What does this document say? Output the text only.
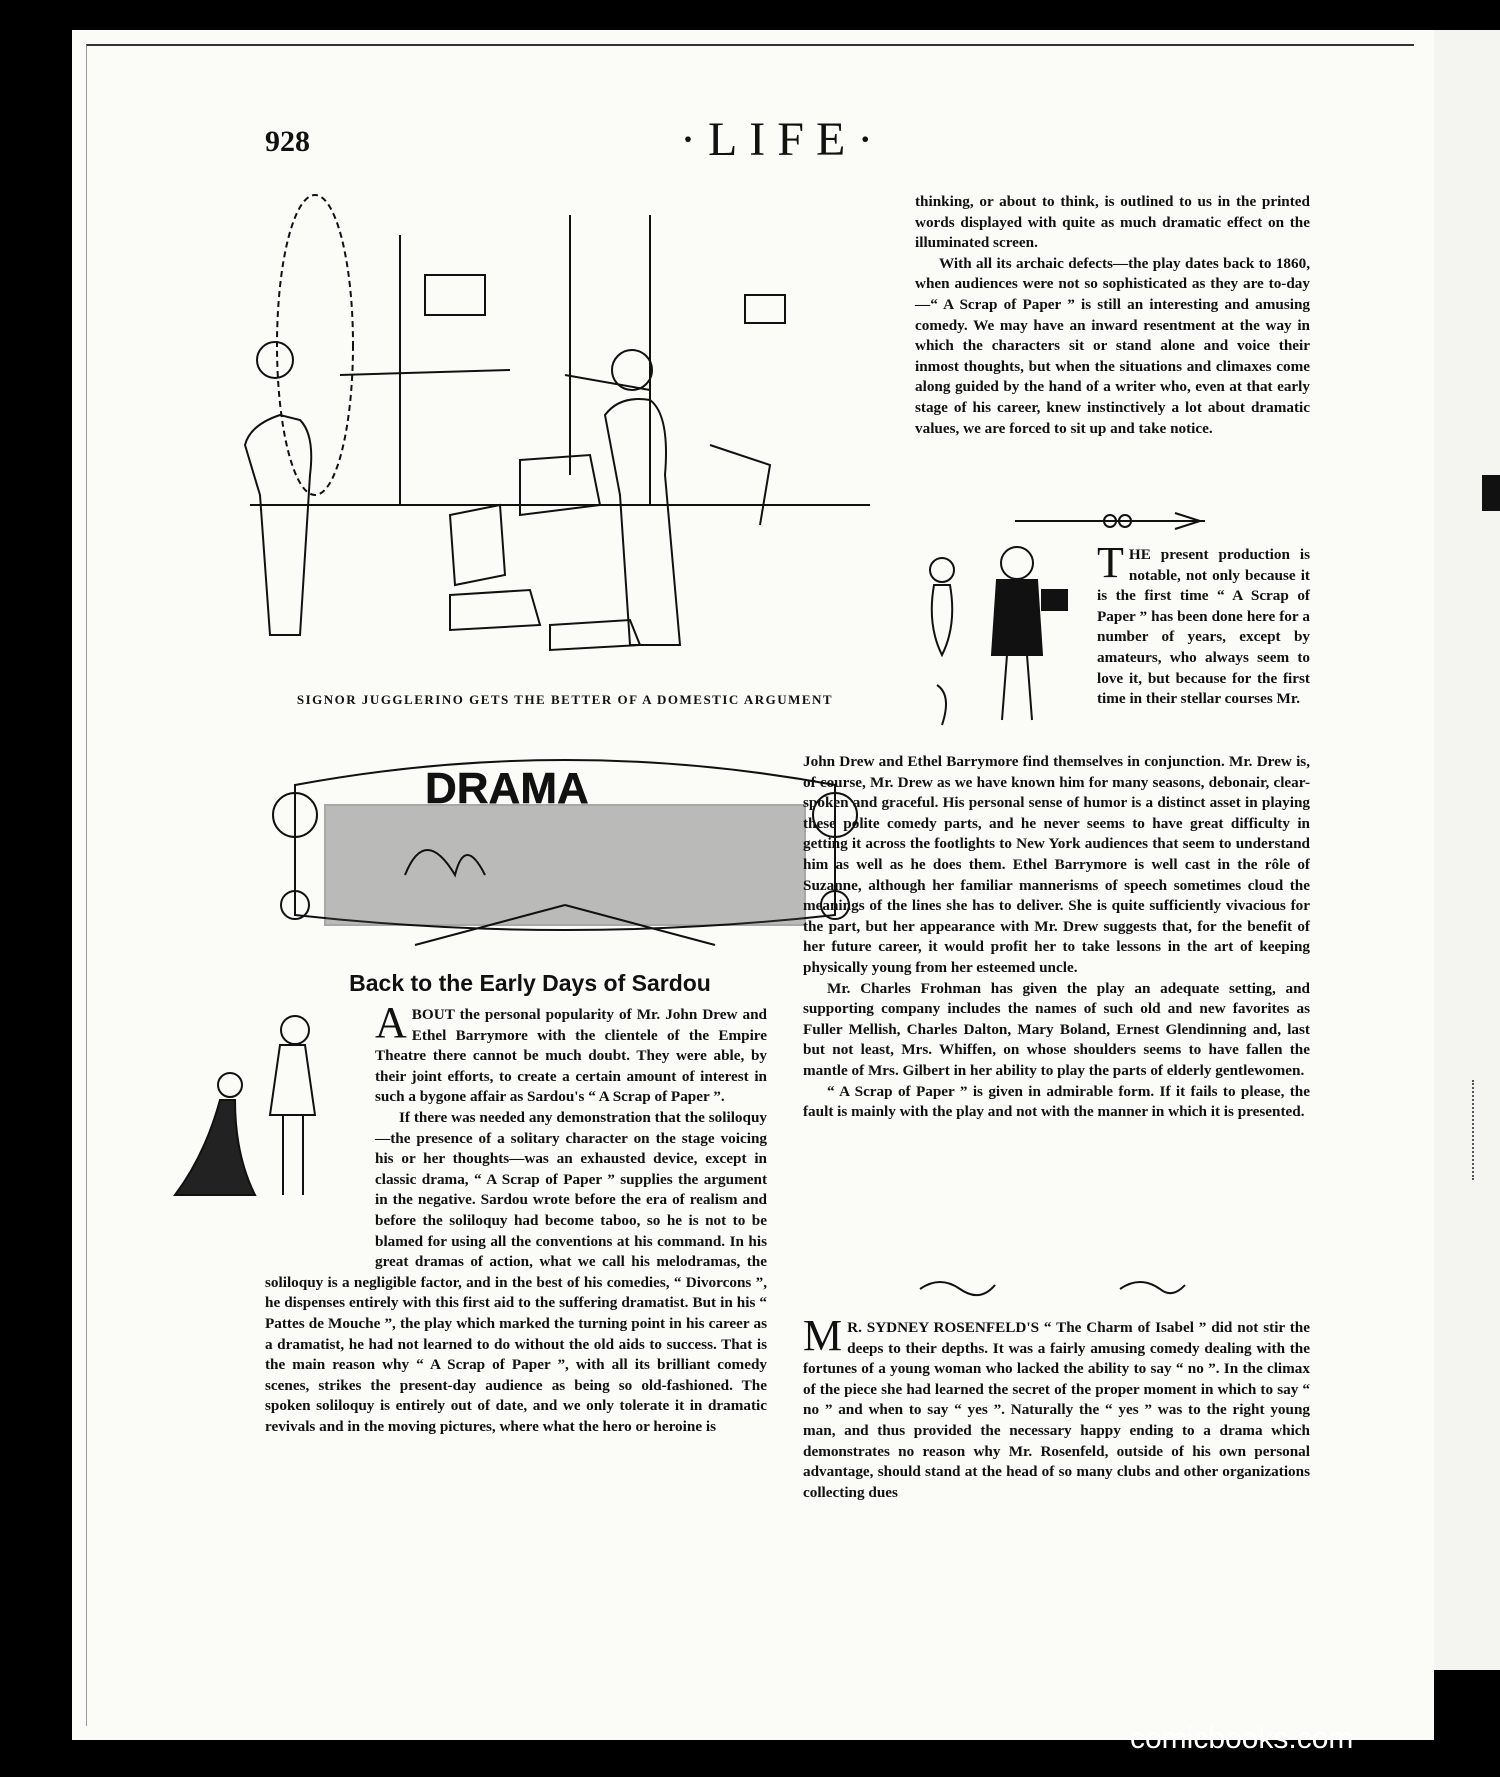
928	·LIFE·
SIGNOR JUGGLERINO GETS THE BETTER OF A DOMESTIC ARGUMENT
DRAMA
Back to the Early Days of Sardou

ABOUT the personal popularity of Mr. John Drew and Ethel Barrymore with the clientele of the Empire Theatre there cannot be much doubt. They were able, by their joint efforts, to create a certain amount of interest in such a bygone affair as Sardou's “ A Scrap of Paper ”.

If there was needed any demonstration that the soliloquy—the presence of a solitary character on the stage voicing his or her thoughts—was an exhausted device, except in classic drama, “ A Scrap of Paper ” supplies the argument in the negative. Sardou wrote before the era of realism and before the soliloquy had become taboo, so he is not to be blamed for using all the conventions at his command. In his great dramas of action, what we call his melodramas, the soliloquy is a negligible factor, and in the best of his comedies, “ Divorcons ”, he dispenses entirely with this first aid to the suffering dramatist. But in his “ Pattes de Mouche ”, the play which marked the turning point in his career as a dramatist, he had not learned to do without the old aids to success. That is the main reason why “ A Scrap of Paper ”, with all its brilliant comedy scenes, strikes the present-day audience as being so old-fashioned. The spoken soliloquy is entirely out of date, and we only tolerate it in dramatic revivals and in the moving pictures, where what the hero or heroine is

thinking, or about to think, is outlined to us in the printed words displayed with quite as much dramatic effect on the illuminated screen.

With all its archaic defects—the play dates back to 1860, when audiences were not so sophisticated as they are to-day—“ A Scrap of Paper ” is still an interesting and amusing comedy. We may have an inward resentment at the way in which the characters sit or stand alone and voice their inmost thoughts, but when the situations and climaxes come along guided by the hand of a writer who, even at that early stage of his career, knew instinctively a lot about dramatic values, we are forced to sit up and take notice.

THE present production is notable, not only because it is the first time “ A Scrap of Paper ” has been done here for a number of years, except by amateurs, who always seem to love it, but because for the first time in their stellar courses Mr.

John Drew and Ethel Barrymore find themselves in conjunction. Mr. Drew is, of course, Mr. Drew as we have known him for many seasons, debonair, clear-spoken and graceful. His personal sense of humor is a distinct asset in playing these polite comedy parts, and he never seems to have great difficulty in getting it across the footlights to New York audiences that seem to understand him as well as he does them. Ethel Barrymore is well cast in the rôle of Suzanne, although her familiar mannerisms of speech sometimes cloud the meanings of the lines she has to deliver. She is quite sufficiently vivacious for the part, but her appearance with Mr. Drew suggests that, for the benefit of her future career, it would profit her to take lessons in the art of keeping physically young from her esteemed uncle.

Mr. Charles Frohman has given the play an adequate setting, and supporting company includes the names of such old and new favorites as Fuller Mellish, Charles Dalton, Mary Boland, Ernest Glendinning and, last but not least, Mrs. Whiffen, on whose shoulders seems to have fallen the mantle of Mrs. Gilbert in her ability to play the parts of elderly gentlewomen.

“ A Scrap of Paper ” is given in admirable form. If it fails to please, the fault is mainly with the play and not with the manner in which it is presented.

M R. SYDNEY ROSENFELD'S “ The Charm of Isabel ” did not stir the deeps to their depths. It was a fairly amusing comedy dealing with the fortunes of a young woman who lacked the ability to say “ no ”. In the climax of the piece she had learned the secret of the proper moment in which to say “ no ” and when to say “ yes ”. Naturally the “ yes ” was to the right young man, and thus provided the necessary happy ending to a drama which demonstrates no reason why Mr. Rosenfeld, outside of his own personal advantage, should stand at the head of so many clubs and other organizations collecting dues

comicbooks.com
